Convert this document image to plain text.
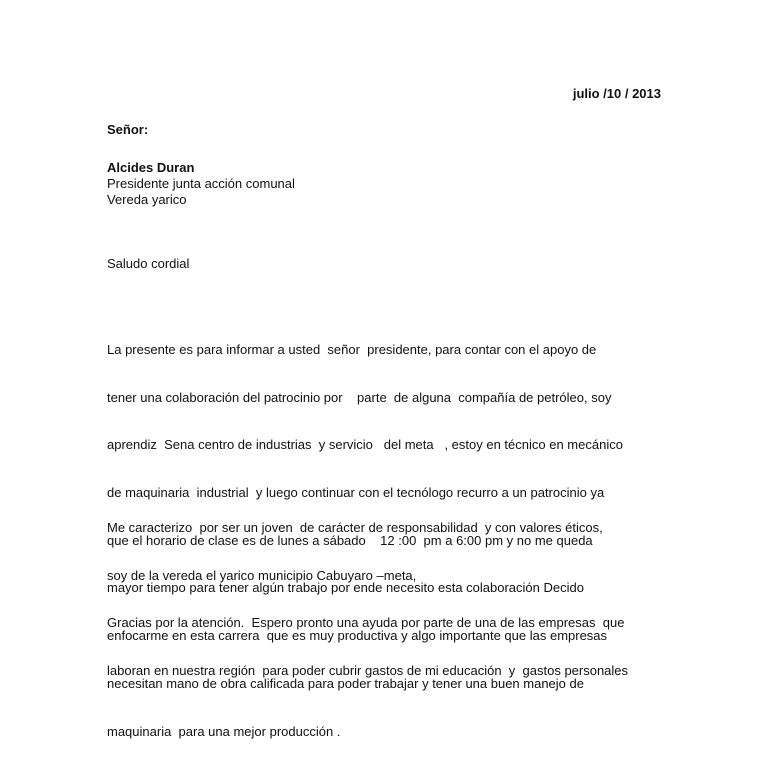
julio /10 / 2013
Señor:
Alcides Duran
Presidente junta acción comunal
Vereda yarico
Saludo cordial

La presente es para informar a usted  señor  presidente, para contar con el apoyo de

tener una colaboración del patrocinio por    parte  de alguna  compañía de petróleo, soy

aprendiz  Sena centro de industrias  y servicio   del meta   , estoy en técnico en mecánico

de maquinaria  industrial  y luego continuar con el tecnólogo recurro a un patrocinio ya

que el horario de clase es de lunes a sábado    12 :00  pm a 6:00 pm y no me queda

mayor tiempo para tener algún trabajo por ende necesito esta colaboración Decido

enfocarme en esta carrera  que es muy productiva y algo importante que las empresas

necesitan mano de obra calificada para poder trabajar y tener una buen manejo de

maquinaria  para una mejor producción .

Me caracterizo  por ser un joven  de carácter de responsabilidad  y con valores éticos,

soy de la vereda el yarico municipio Cabuyaro –meta,

Gracias por la atención.  Espero pronto una ayuda por parte de una de las empresas  que

laboran en nuestra región  para poder cubrir gastos de mi educación  y  gastos personales
